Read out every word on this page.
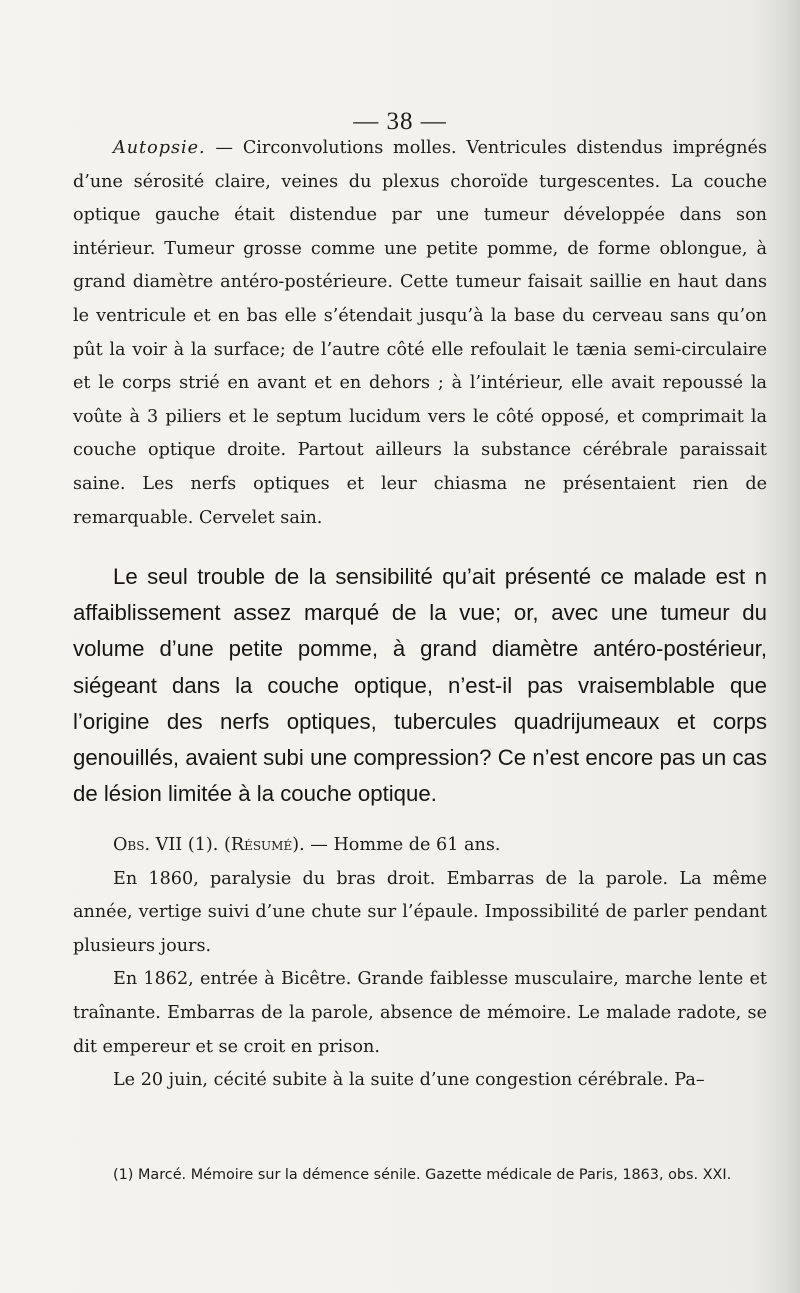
— 38 —

Autopsie. — Circonvolutions molles. Ventricules distendus imprégnés d’une sérosité claire, veines du plexus choroïde turgescentes. La couche optique gauche était distendue par une tumeur développée dans son intérieur. Tumeur grosse comme une petite pomme, de forme oblongue, à grand diamètre antéro-postérieure. Cette tumeur faisait saillie en haut dans le ventricule et en bas elle s’étendait jusqu’à la base du cerveau sans qu’on pût la voir à la surface; de l’autre côté elle refoulait le tænia semi-circulaire et le corps strié en avant et en dehors ; à l’intérieur, elle avait repoussé la voûte à 3 piliers et le septum lucidum vers le côté opposé, et comprimait la couche optique droite. Partout ailleurs la substance cérébrale paraissait saine. Les nerfs optiques et leur chiasma ne présentaient rien de remarquable. Cervelet sain.

Le seul trouble de la sensibilité qu’ait présenté ce malade est n affaiblissement assez marqué de la vue; or, avec une tumeur du volume d’une petite pomme, à grand diamètre antéro-postérieur, siégeant dans la couche optique, n’est-il pas vraisemblable que l’origine des nerfs optiques, tubercules quadrijumeaux et corps genouillés, avaient subi une compression? Ce n’est encore pas un cas de lésion limitée à la couche optique.

Obs. VII (1). (Résumé). — Homme de 61 ans.

En 1860, paralysie du bras droit. Embarras de la parole. La même année, vertige suivi d’une chute sur l’épaule. Impossibilité de parler pendant plusieurs jours.

En 1862, entrée à Bicêtre. Grande faiblesse musculaire, marche lente et traînante. Embarras de la parole, absence de mémoire. Le malade radote, se dit empereur et se croit en prison.

Le 20 juin, cécité subite à la suite d’une congestion cérébrale. Pa–

(1) Marcé. Mémoire sur la démence sénile. Gazette médicale de Paris, 1863, obs. XXI.
